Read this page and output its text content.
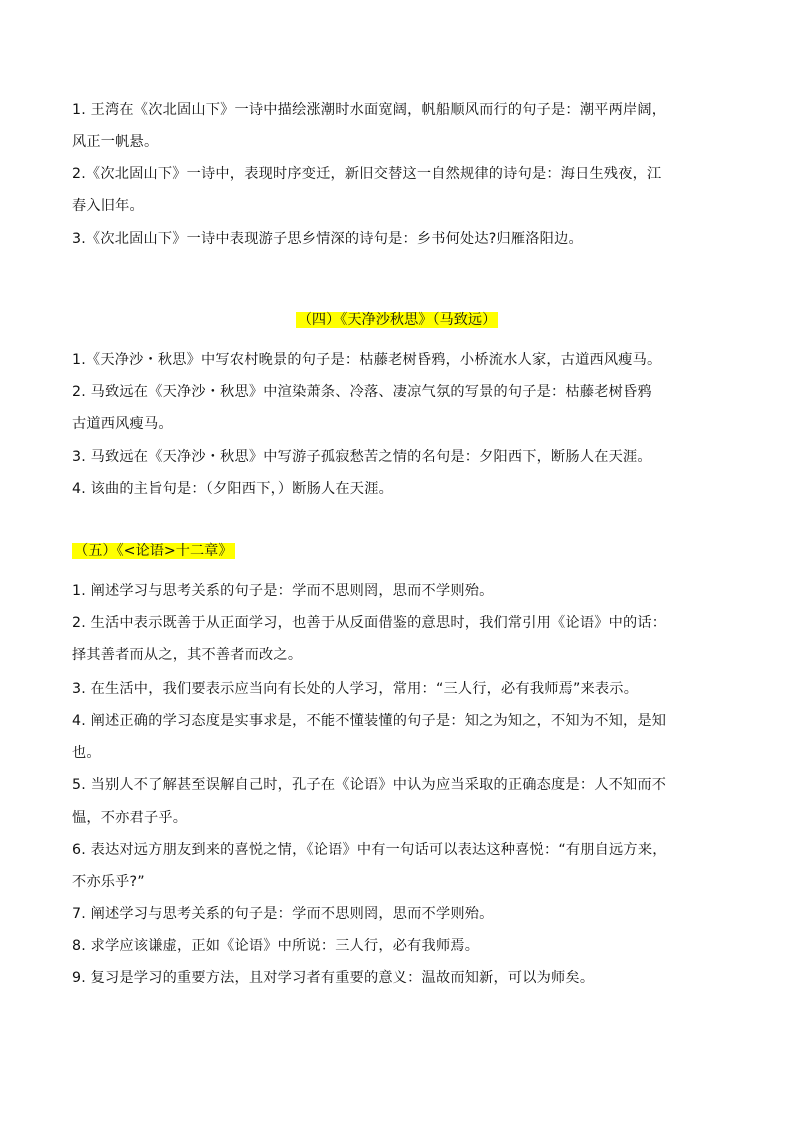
1. 王湾在《次北固山下》一诗中描绘涨潮时水面宽阔，帆船顺风而行的句子是：潮平两岸阔，
风正一帆悬。
2.《次北固山下》一诗中，表现时序变迁，新旧交替这一自然规律的诗句是：海日生残夜，江
春入旧年。
3.《次北固山下》一诗中表现游子思乡情深的诗句是：乡书何处达?归雁洛阳边。
（四）《天净沙秋思》（马致远）
1.《天净沙・秋思》中写农村晚景的句子是：枯藤老树昏鸦，小桥流水人家，古道西风瘦马。
2. 马致远在《天净沙・秋思》中渲染萧条、冷落、凄凉气氛的写景的句子是：枯藤老树昏鸦
古道西风瘦马。
3. 马致远在《天净沙・秋思》中写游子孤寂愁苦之情的名句是：夕阳西下，断肠人在天涯。
4. 该曲的主旨句是：（夕阳西下，）断肠人在天涯。
（五）《<论语>十二章》
1. 阐述学习与思考关系的句子是：学而不思则罔，思而不学则殆。
2. 生活中表示既善于从正面学习，也善于从反面借鉴的意思时，我们常引用《论语》中的话：
择其善者而从之，其不善者而改之。
3. 在生活中，我们要表示应当向有长处的人学习，常用：“三人行，必有我师焉”来表示。
4. 阐述正确的学习态度是实事求是，不能不懂装懂的句子是：知之为知之，不知为不知，是知
也。
5. 当别人不了解甚至误解自己时，孔子在《论语》中认为应当采取的正确态度是：人不知而不
愠，不亦君子乎。
6. 表达对远方朋友到来的喜悦之情，《论语》中有一句话可以表达这种喜悦：“有朋自远方来，
不亦乐乎?”
7. 阐述学习与思考关系的句子是：学而不思则罔，思而不学则殆。
8. 求学应该谦虚，正如《论语》中所说：三人行，必有我师焉。
9. 复习是学习的重要方法，且对学习者有重要的意义：温故而知新，可以为师矣。
